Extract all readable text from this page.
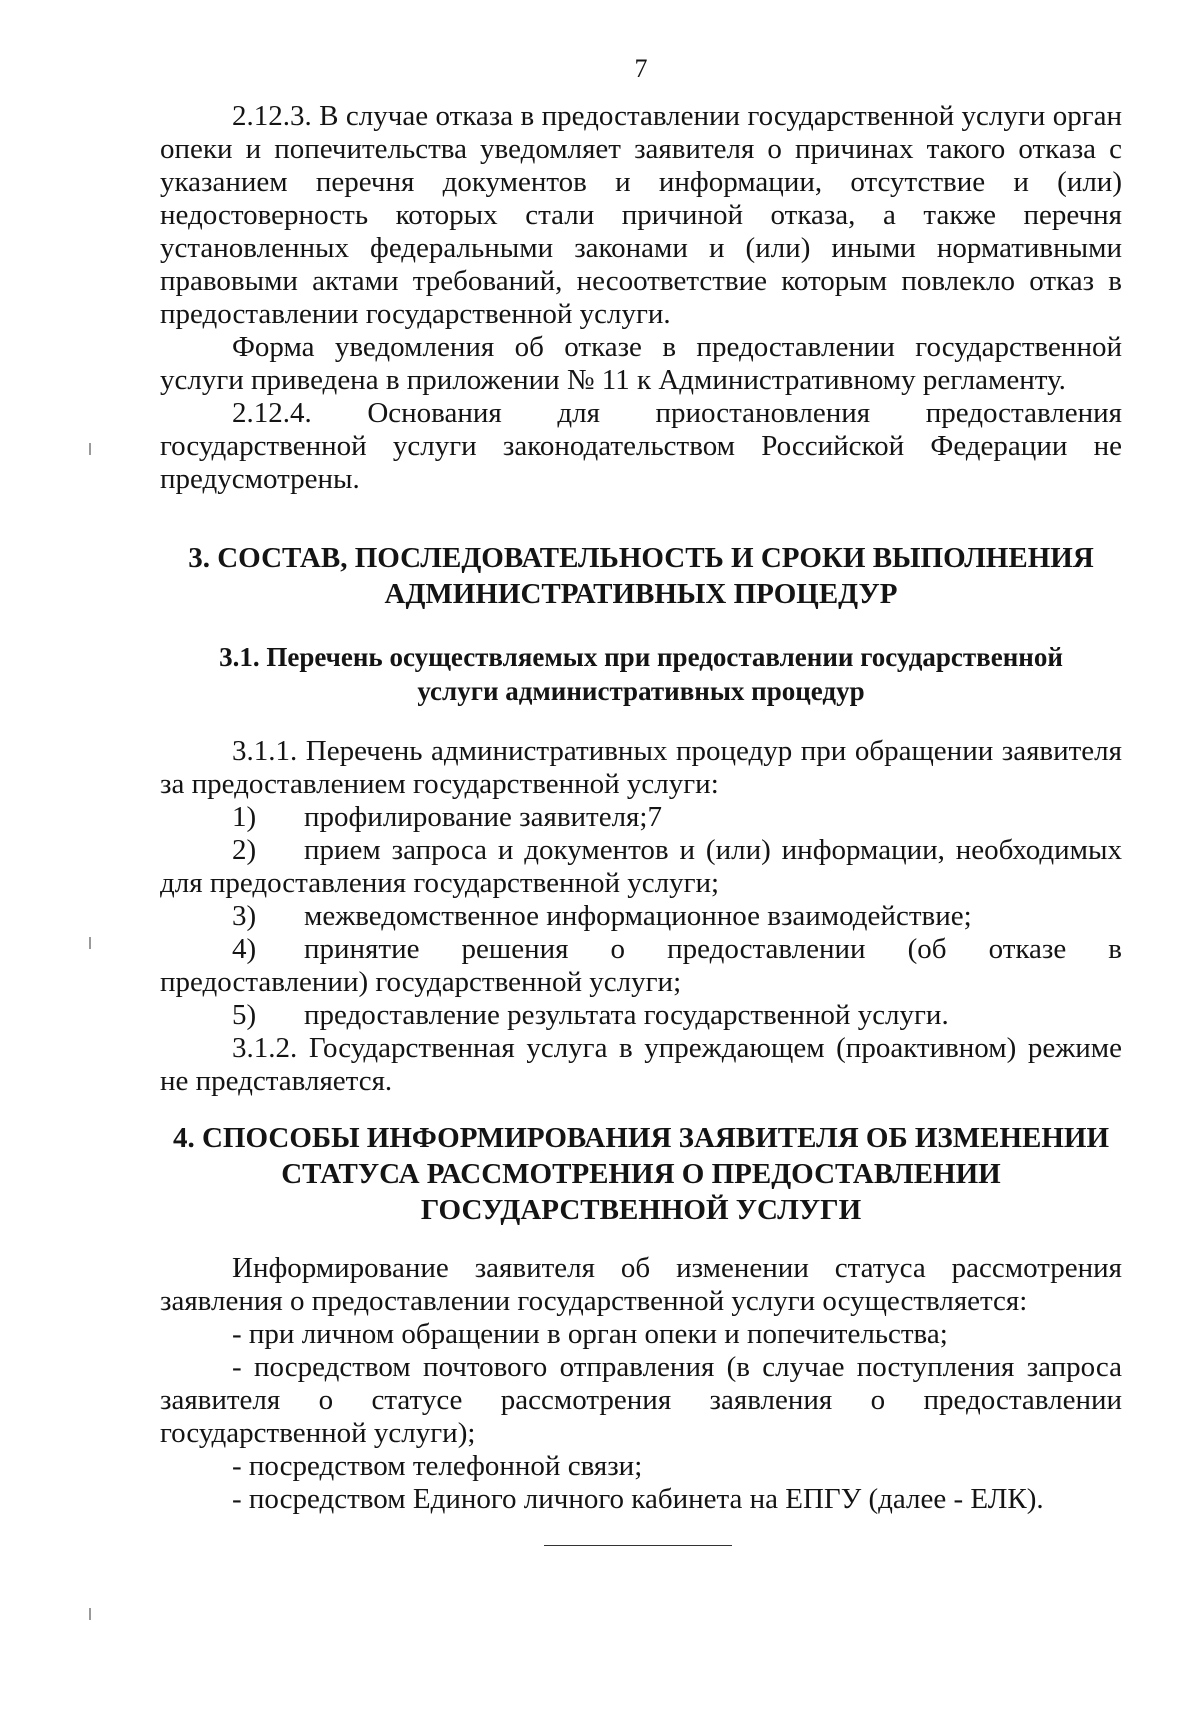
7

2.12.3. В случае отказа в предоставлении государственной услуги орган опеки и попечительства уведомляет заявителя о причинах такого отказа с указанием перечня документов и информации, отсутствие и (или) недостоверность которых стали причиной отказа, а также перечня установленных федеральными законами и (или) иными нормативными правовыми актами требований, несоответствие которым повлекло отказ в предоставлении государственной услуги.

Форма уведомления об отказе в предоставлении государственной услуги приведена в приложении № 11 к Административному регламенту.

2.12.4. Основания для приостановления предоставления государственной услуги законодательством Российской Федерации не предусмотрены.

3. СОСТАВ, ПОСЛЕДОВАТЕЛЬНОСТЬ И СРОКИ ВЫПОЛНЕНИЯ
АДМИНИСТРАТИВНЫХ ПРОЦЕДУР
3.1. Перечень осуществляемых при предоставлении государственной
услуги административных процедур

3.1.1. Перечень административных процедур при обращении заявителя за предоставлением государственной услуги:

1) профилирование заявителя;7

2) прием запроса и документов и (или) информации, необходимых для предоставления государственной услуги;

3) межведомственное информационное взаимодействие;

4) принятие решения о предоставлении (об отказе в предоставлении) государственной услуги;

5) предоставление результата государственной услуги.

3.1.2. Государственная услуга в упреждающем (проактивном) режиме не представляется.

4. СПОСОБЫ ИНФОРМИРОВАНИЯ ЗАЯВИТЕЛЯ ОБ ИЗМЕНЕНИИ
СТАТУСА РАССМОТРЕНИЯ О ПРЕДОСТАВЛЕНИИ
ГОСУДАРСТВЕННОЙ УСЛУГИ

Информирование заявителя об изменении статуса рассмотрения заявления о предоставлении государственной услуги осуществляется:

- при личном обращении в орган опеки и попечительства;

- посредством почтового отправления (в случае поступления запроса заявителя о статусе рассмотрения заявления о предоставлении государственной услуги);

- посредством телефонной связи;

- посредством Единого личного кабинета на ЕПГУ (далее - ЕЛК).
